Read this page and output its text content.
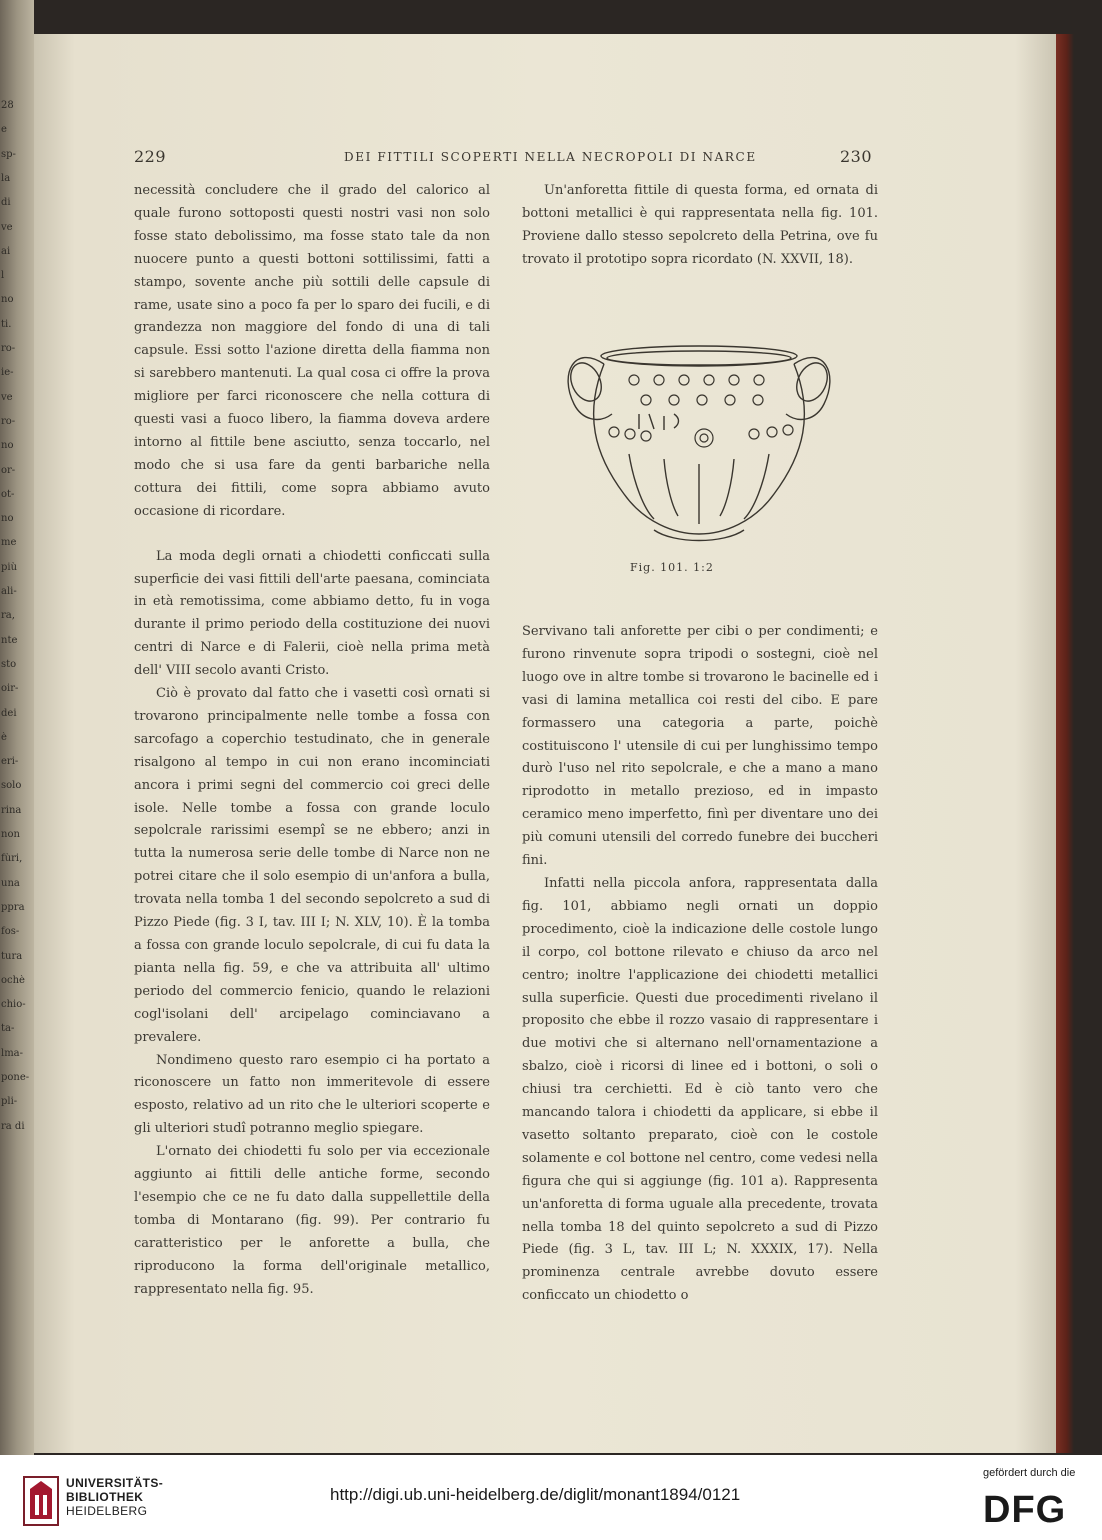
28
e
sp-
la
di
ve
ai
l
no
ti.
ro-
ie-
ve
ro-
no
or-
ot-
no
me
più
ali-
ra,
nte
sto
oir-
dei
è
eri-
solo
rina
non
fùri,
una
ppra
fos-
tura
ochè
chio-
ta-
lma-
pone-
pli-
ra di
229	DEI FITTILI SCOPERTI NELLA NECROPOLI DI NARCE	230

necessità concludere che il grado del calorico al quale furono sottoposti questi nostri vasi non solo fosse stato debolissimo, ma fosse stato tale da non nuocere punto a questi bottoni sottilissimi, fatti a stampo, sovente anche più sottili delle capsule di rame, usate sino a poco fa per lo sparo dei fucili, e di grandezza non maggiore del fondo di una di tali capsule. Essi sotto l'azione diretta della fiamma non si sarebbero mantenuti. La qual cosa ci offre la prova migliore per farci riconoscere che nella cottura di questi vasi a fuoco libero, la fiamma doveva ardere intorno al fittile bene asciutto, senza toccarlo, nel modo che si usa fare da genti barbariche nella cottura dei fittili, come sopra abbiamo avuto occasione di ricordare.

La moda degli ornati a chiodetti conficcati sulla superficie dei vasi fittili dell'arte paesana, cominciata in età remotissima, come abbiamo detto, fu in voga durante il primo periodo della costituzione dei nuovi centri di Narce e di Falerii, cioè nella prima metà dell' VIII secolo avanti Cristo.

Ciò è provato dal fatto che i vasetti così ornati si trovarono principalmente nelle tombe a fossa con sarcofago a coperchio testudinato, che in generale risalgono al tempo in cui non erano incominciati ancora i primi segni del commercio coi greci delle isole. Nelle tombe a fossa con grande loculo sepolcrale rarissimi esempî se ne ebbero; anzi in tutta la numerosa serie delle tombe di Narce non ne potrei citare che il solo esempio di un'anfora a bulla, trovata nella tomba 1 del secondo sepolcreto a sud di Pizzo Piede (fig. 3 I, tav. III I; N. XLV, 10). È la tomba a fossa con grande loculo sepolcrale, di cui fu data la pianta nella fig. 59, e che va attribuita all' ultimo periodo del commercio fenicio, quando le relazioni cogl'isolani dell' arcipelago cominciavano a prevalere.

Nondimeno questo raro esempio ci ha portato a riconoscere un fatto non immeritevole di essere esposto, relativo ad un rito che le ulteriori scoperte e gli ulteriori studî potranno meglio spiegare.

L'ornato dei chiodetti fu solo per via eccezionale aggiunto ai fittili delle antiche forme, secondo l'esempio che ce ne fu dato dalla suppellettile della tomba di Montarano (fig. 99). Per contrario fu caratteristico per le anforette a bulla, che riproducono la forma dell'originale metallico, rappresentato nella fig. 95.

Un'anforetta fittile di questa forma, ed ornata di bottoni metallici è qui rappresentata nella fig. 101. Proviene dallo stesso sepolcreto della Petrina, ove fu trovato il prototipo sopra ricordato (N. XXVII, 18).

Fig. 101. 1:2

Servivano tali anforette per cibi o per condimenti; e furono rinvenute sopra tripodi o sostegni, cioè nel luogo ove in altre tombe si trovarono le bacinelle ed i vasi di lamina metallica coi resti del cibo. E pare formassero una categoria a parte, poichè costituiscono l' utensile di cui per lunghissimo tempo durò l'uso nel rito sepolcrale, e che a mano a mano riprodotto in metallo prezioso, ed in impasto ceramico meno imperfetto, finì per diventare uno dei più comuni utensili del corredo funebre dei buccheri fini.

Infatti nella piccola anfora, rappresentata dalla fig. 101, abbiamo negli ornati un doppio procedimento, cioè la indicazione delle costole lungo il corpo, col bottone rilevato e chiuso da arco nel centro; inoltre l'applicazione dei chiodetti metallici sulla superficie. Questi due procedimenti rivelano il proposito che ebbe il rozzo vasaio di rappresentare i due motivi che si alternano nell'ornamentazione a sbalzo, cioè i ricorsi di linee ed i bottoni, o soli o chiusi tra cerchietti. Ed è ciò tanto vero che mancando talora i chiodetti da applicare, si ebbe il vasetto soltanto preparato, cioè con le costole solamente e col bottone nel centro, come vedesi nella figura che qui si aggiunge (fig. 101 a). Rappresenta un'anforetta di forma uguale alla precedente, trovata nella tomba 18 del quinto sepolcreto a sud di Pizzo Piede (fig. 3 L, tav. III L; N. XXXIX, 17). Nella prominenza centrale avrebbe dovuto essere conficcato un chiodetto o

UNIVERSITÄTS-
BIBLIOTHEK
HEIDELBERG
http://digi.ub.uni-heidelberg.de/diglit/monant1894/0121
gefördert durch die
DFG
